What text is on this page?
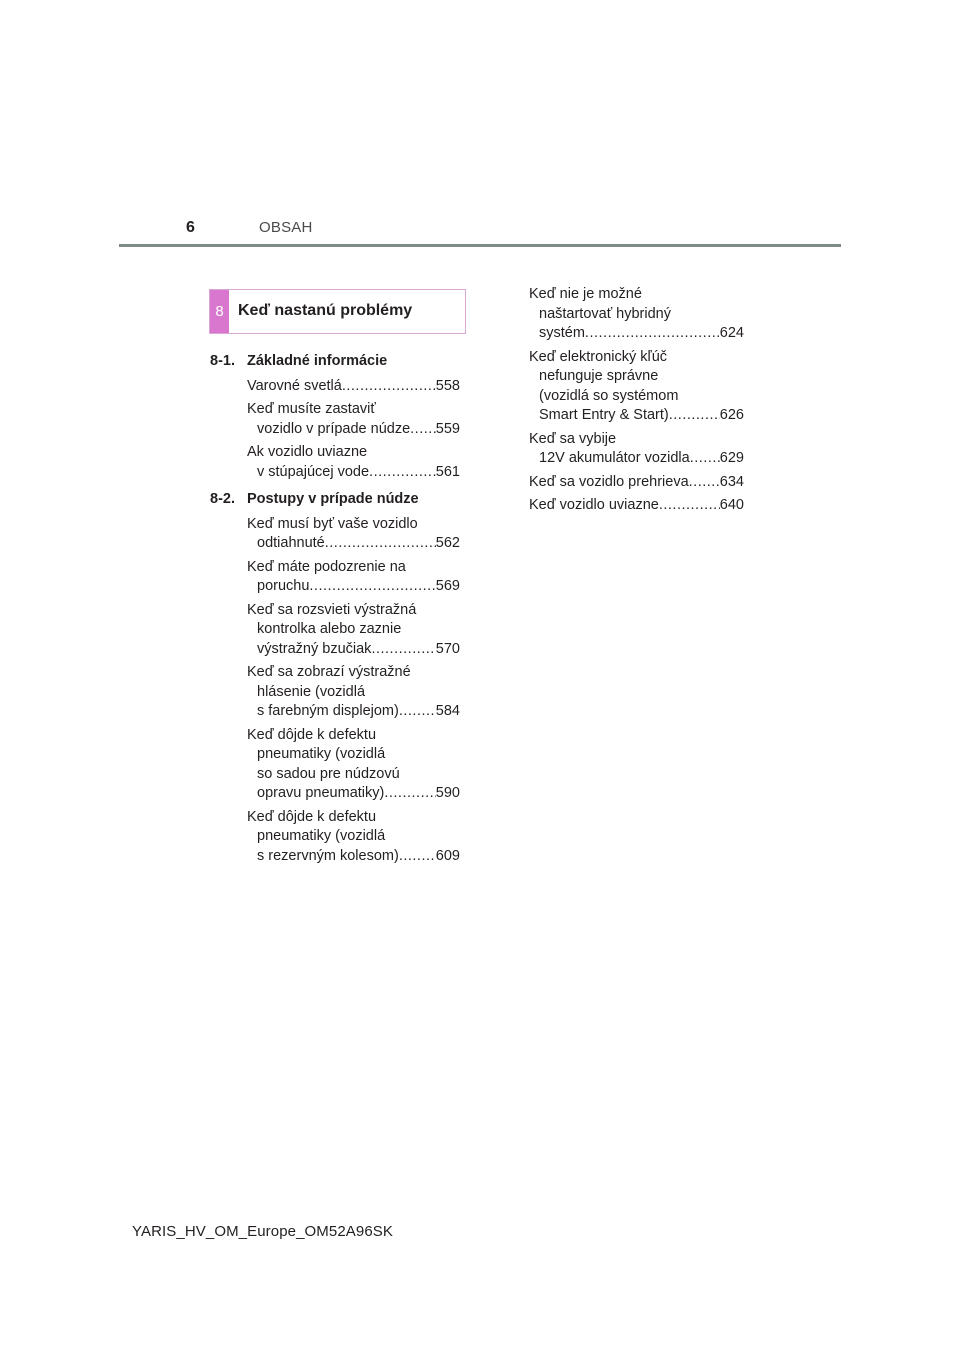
6	OBSAH
8 Keď nastanú problémy
8-1. Základné informácie
Varovné svetlá .....	558
Keď musíte zastaviť
vozidlo v prípade núdze ..... 559
Ak vozidlo uviazne
v stúpajúcej vode .....	561
8-2. Postupy v prípade núdze
Keď musí byť vaše vozidlo
odtiahnuté .....	562
Keď máte podozrenie na
poruchu .....	569
Keď sa rozsvieti výstražná
kontrolka alebo zaznie
výstražný bzučiak .....	570
Keď sa zobrazí výstražné
hlásenie (vozidlá
s farebným displejom) .....	584
Keď dôjde k defektu
pneumatiky (vozidlá
so sadou pre núdzovú
opravu pneumatiky) .....	590
Keď dôjde k defektu
pneumatiky (vozidlá
s rezervným kolesom) .....	609
Keď nie je možné
naštartovať hybridný
systém .....	624
Keď elektronický kľúč
nefunguje správne
(vozidlá so systémom
Smart Entry & Start) .....	626
Keď sa vybije
12V akumulátor vozidla ..... 629
Keď sa vozidlo prehrieva ..... 634
Keď vozidlo uviazne .....	640
YARIS_HV_OM_Europe_OM52A96SK
